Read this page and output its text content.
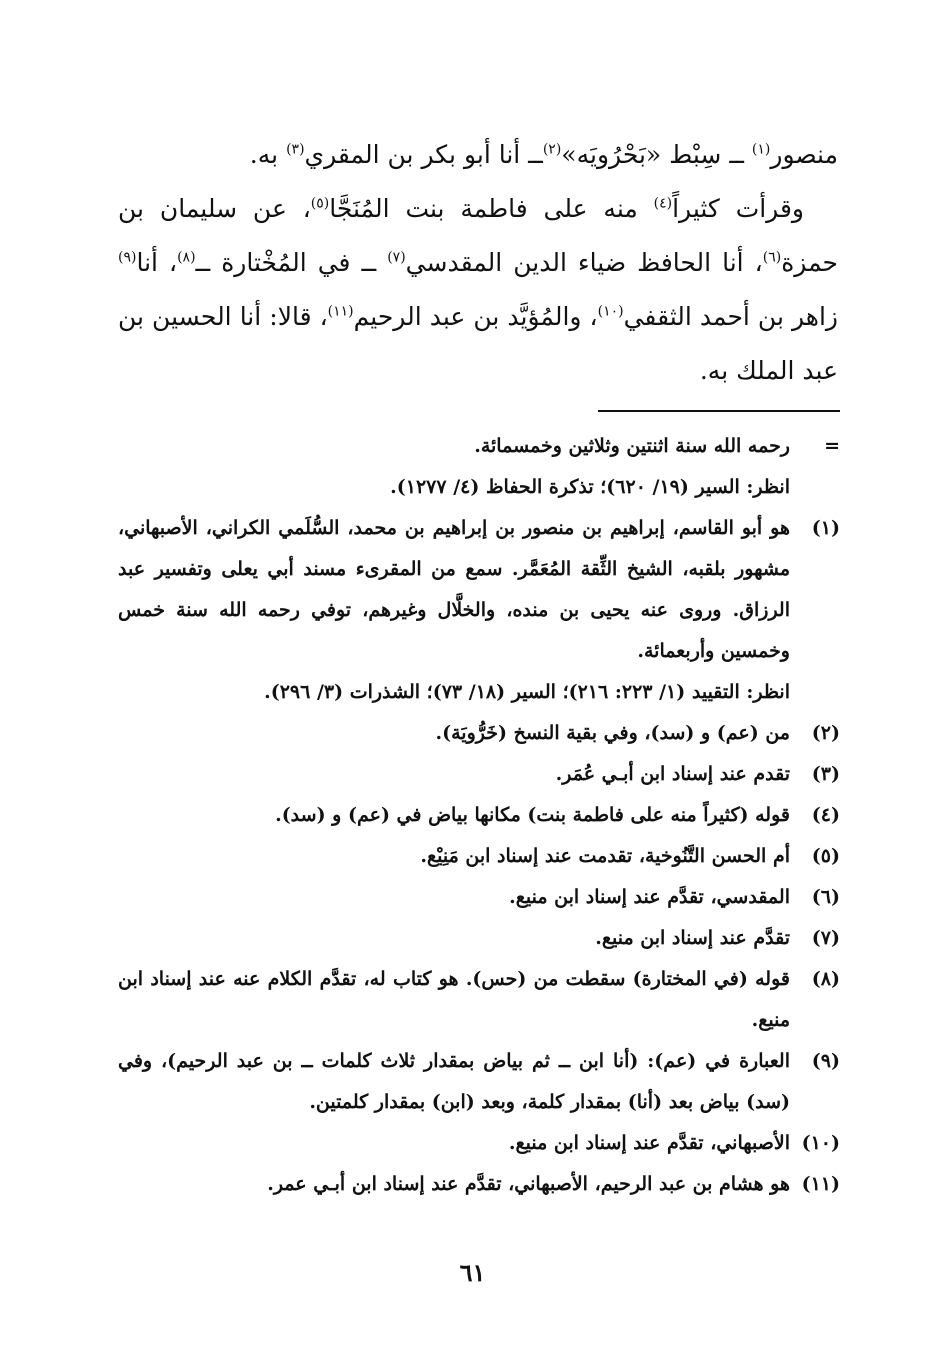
منصور$^{(١)}$ ــ سِبْط «بَحْرُويَه»$^{(٢)}$ــ أنا أبو بكر بن المقري$^{(٣)}$ به.

وقرأت كثيراً$^{(٤)}$ منه على فاطمة بنت المُنَجَّا$^{(٥)}$، عن سليمان بن حمزة$^{(٦)}$، أنا الحافظ ضياء الدين المقدسي$^{(٧)}$ ــ في المُخْتارة ــ$^{(٨)}$، أنا$^{(٩)}$ زاهر بن أحمد الثقفي$^{(١٠)}$، والمُؤيَّد بن عبد الرحيم$^{(١١)}$، قالا: أنا الحسين بن عبد الملك به.

=
رحمه الله سنة اثنتين وثلاثين وخمسمائة.
انظر: السير (١٩/ ٦٢٠)؛ تذكرة الحفاظ (٤/ ١٢٧٧).
(١)
هو أبو القاسم، إبراهيم بن منصور بن إبراهيم بن محمد، السُّلَمي الكراني، الأصبهاني، مشهور بلقبه، الشيخ الثِّقة المُعَمَّر. سمع من المقرىء مسند أبي يعلى وتفسير عبد الرزاق. وروى عنه يحيى بن منده، والخلَّال وغيرهم، توفي رحمه الله سنة خمس وخمسين وأربعمائة.
انظر: التقييد (١/ ٢٢٣: ٢١٦)؛ السير (١٨/ ٧٣)؛ الشذرات (٣/ ٢٩٦).
(٢)
من (عم) و (سد)، وفي بقية النسخ (خَرُّويَة).
(٣)
تقدم عند إسناد ابن أبـي عُمَر.
(٤)
قوله (كثيراً منه على فاطمة بنت) مكانها بياض في (عم) و (سد).
(٥)
أم الحسن التَّنُوخية، تقدمت عند إسناد ابن مَنِيْع.
(٦)
المقدسي، تقدَّم عند إسناد ابن منيع.
(٧)
تقدَّم عند إسناد ابن منيع.
(٨)
قوله (في المختارة) سقطت من (حس). هو كتاب له، تقدَّم الكلام عنه عند إسناد ابن منيع.
(٩)
العبارة في (عم): (أنا ابن ــ ثم بياض بمقدار ثلاث كلمات ــ بن عبد الرحيم)، وفي (سد) بياض بعد (أنا) بمقدار كلمة، وبعد (ابن) بمقدار كلمتين.
(١٠)
الأصبهاني، تقدَّم عند إسناد ابن منيع.
(١١)
هو هشام بن عبد الرحيم، الأصبهاني، تقدَّم عند إسناد ابن أبـي عمر.
٦١
